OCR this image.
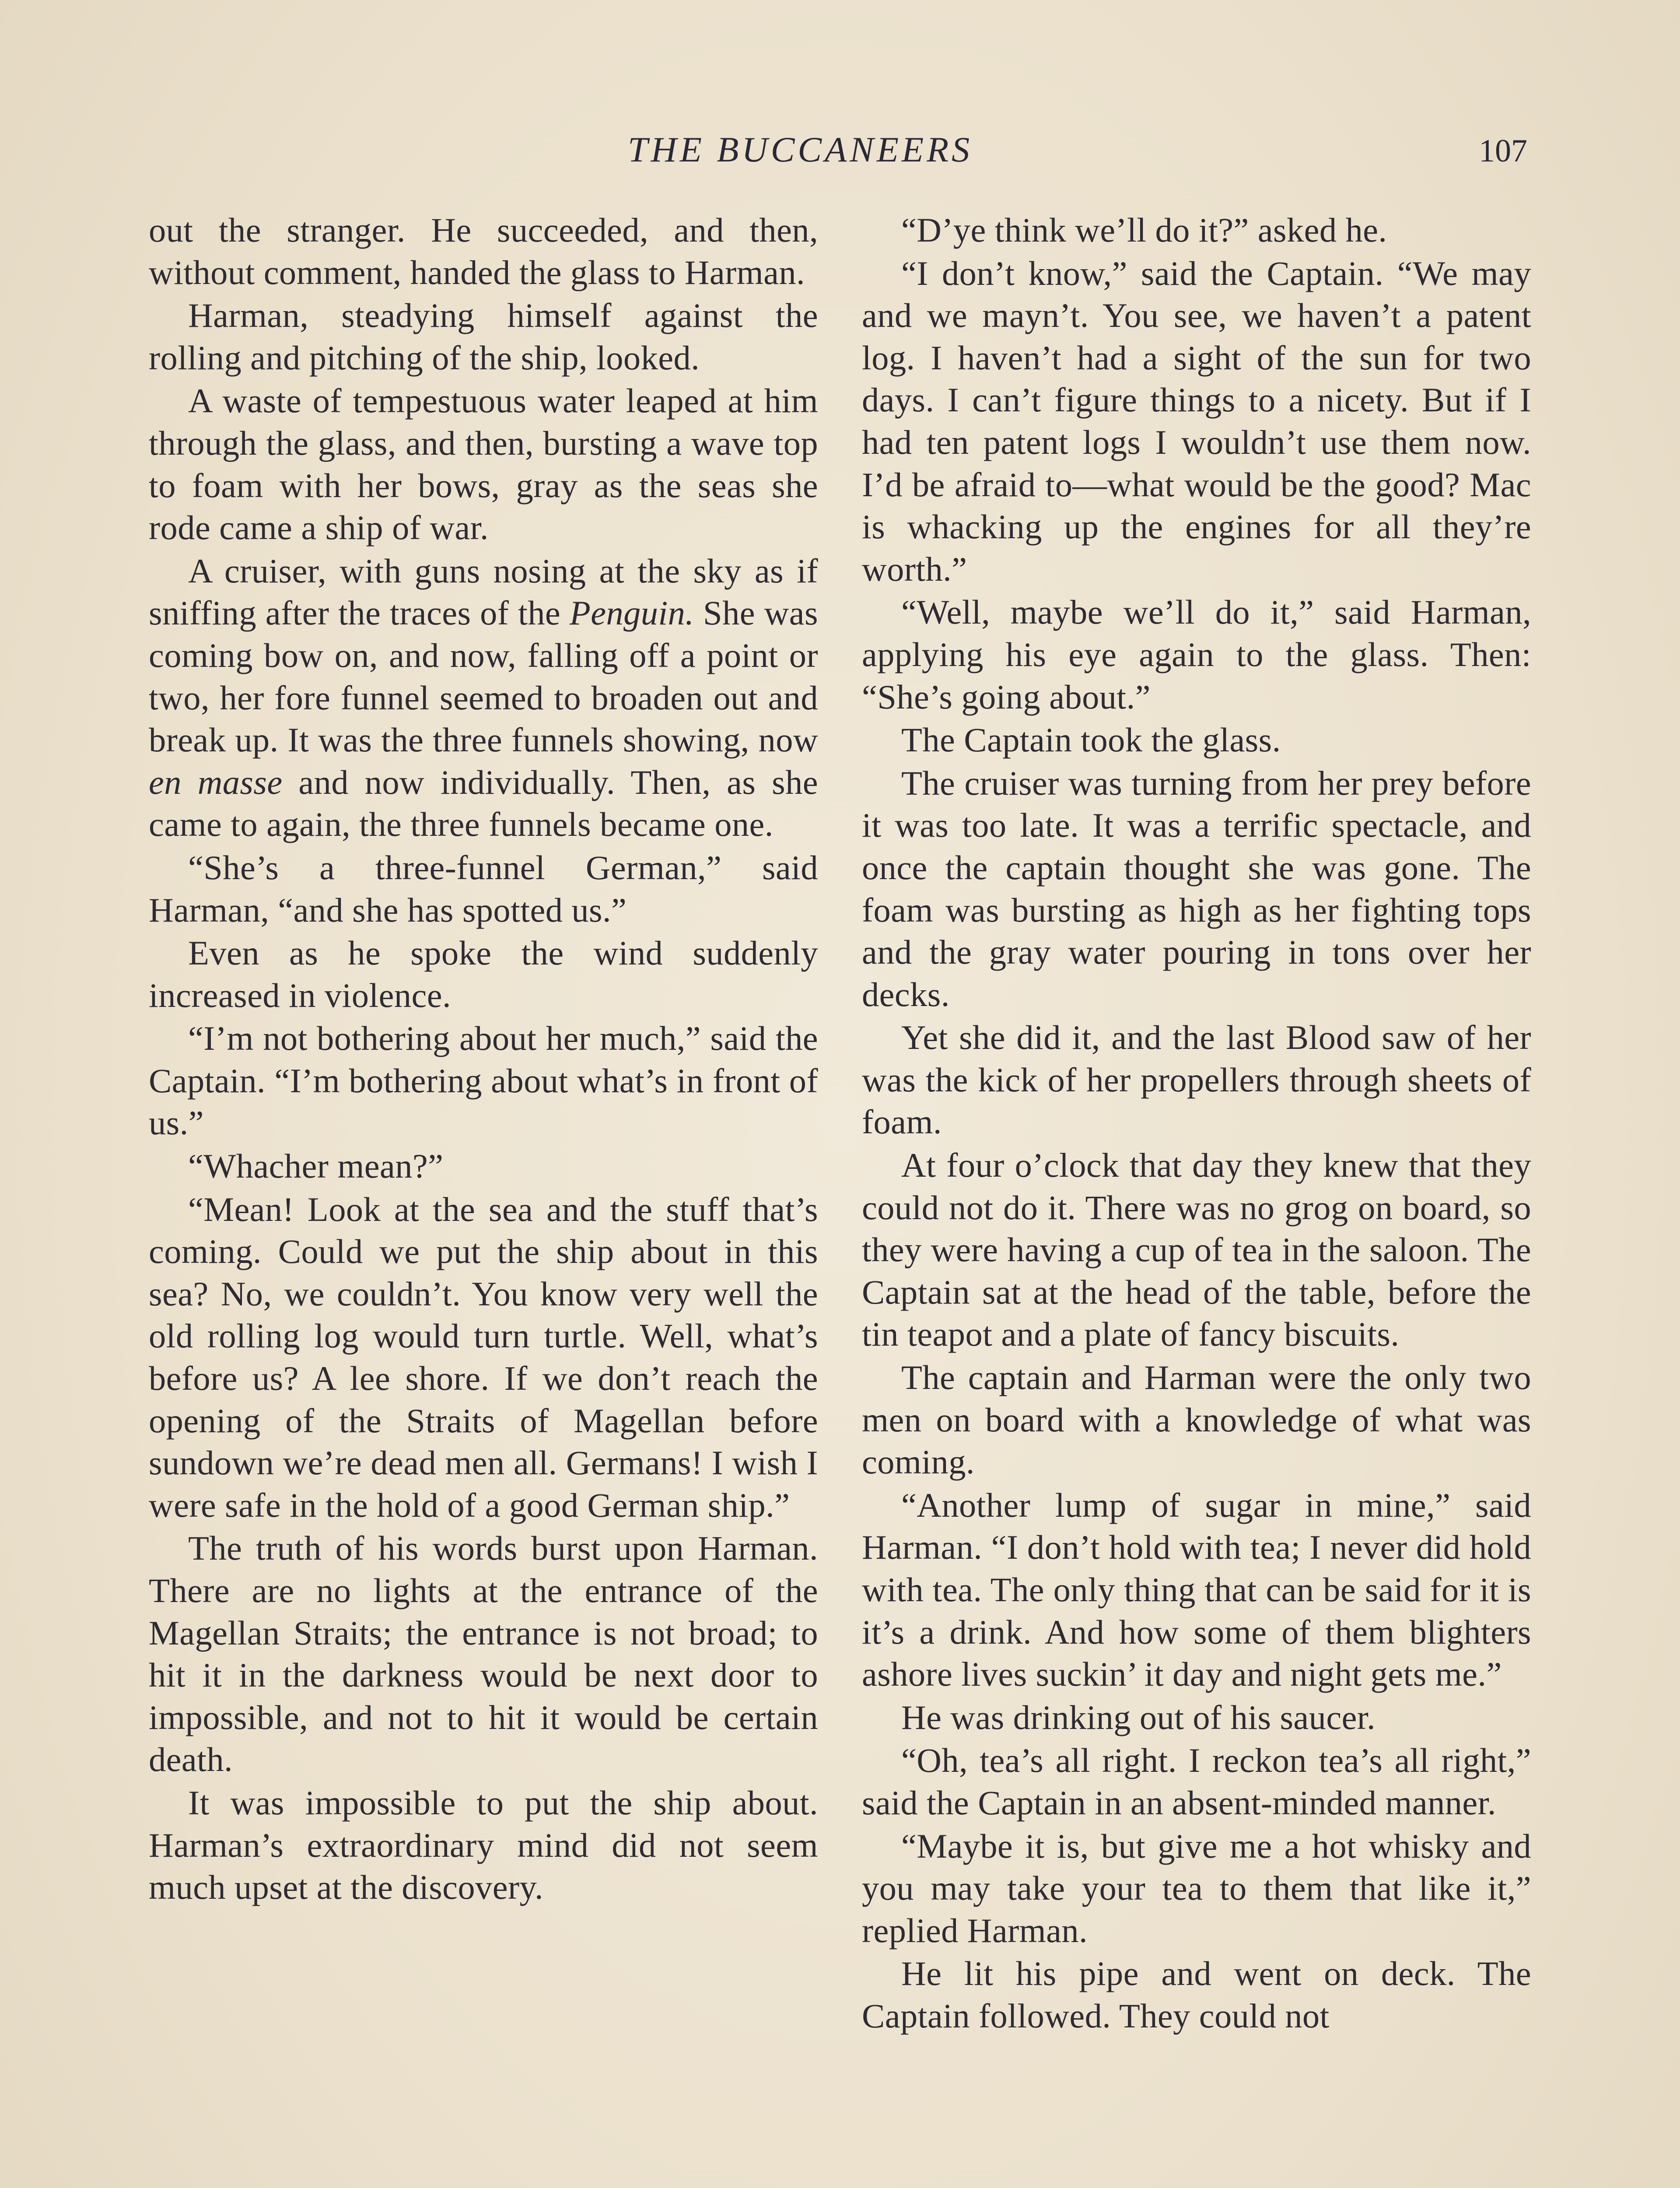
THE BUCCANEERS	107

out the stranger. He succeeded, and then, without comment, handed the glass to Harman.

Harman, steadying himself against the rolling and pitching of the ship, looked.

A waste of tempestuous water leaped at him through the glass, and then, bursting a wave top to foam with her bows, gray as the seas she rode came a ship of war.

A cruiser, with guns nosing at the sky as if sniffing after the traces of the Penguin. She was coming bow on, and now, falling off a point or two, her fore funnel seemed to broaden out and break up. It was the three funnels showing, now en masse and now individually. Then, as she came to again, the three funnels became one.

“She’s a three-funnel German,” said Harman, “and she has spotted us.”

Even as he spoke the wind suddenly increased in violence.

“I’m not bothering about her much,” said the Captain. “I’m bothering about what’s in front of us.”

“Whacher mean?”

“Mean! Look at the sea and the stuff that’s coming. Could we put the ship about in this sea? No, we couldn’t. You know very well the old rolling log would turn turtle. Well, what’s before us? A lee shore. If we don’t reach the opening of the Straits of Magellan before sundown we’re dead men all. Germans! I wish I were safe in the hold of a good German ship.”

The truth of his words burst upon Harman. There are no lights at the entrance of the Magellan Straits; the entrance is not broad; to hit it in the darkness would be next door to impossible, and not to hit it would be certain death.

It was impossible to put the ship about. Harman’s extraordinary mind did not seem much upset at the discovery.

“D’ye think we’ll do it?” asked he.

“I don’t know,” said the Captain. “We may and we mayn’t. You see, we haven’t a patent log. I haven’t had a sight of the sun for two days. I can’t figure things to a nicety. But if I had ten patent logs I wouldn’t use them now. I’d be afraid to—what would be the good? Mac is whacking up the engines for all they’re worth.”

“Well, maybe we’ll do it,” said Harman, applying his eye again to the glass. Then: “She’s going about.”

The Captain took the glass.

The cruiser was turning from her prey before it was too late. It was a terrific spectacle, and once the captain thought she was gone. The foam was bursting as high as her fighting tops and the gray water pouring in tons over her decks.

Yet she did it, and the last Blood saw of her was the kick of her propellers through sheets of foam.

At four o’clock that day they knew that they could not do it. There was no grog on board, so they were having a cup of tea in the saloon. The Captain sat at the head of the table, before the tin teapot and a plate of fancy biscuits.

The captain and Harman were the only two men on board with a knowledge of what was coming.

“Another lump of sugar in mine,” said Harman. “I don’t hold with tea; I never did hold with tea. The only thing that can be said for it is it’s a drink. And how some of them blighters ashore lives suckin’ it day and night gets me.”

He was drinking out of his saucer.

“Oh, tea’s all right. I reckon tea’s all right,” said the Captain in an absent-minded manner.

“Maybe it is, but give me a hot whisky and you may take your tea to them that like it,” replied Harman.

He lit his pipe and went on deck. The Captain followed. They could not
